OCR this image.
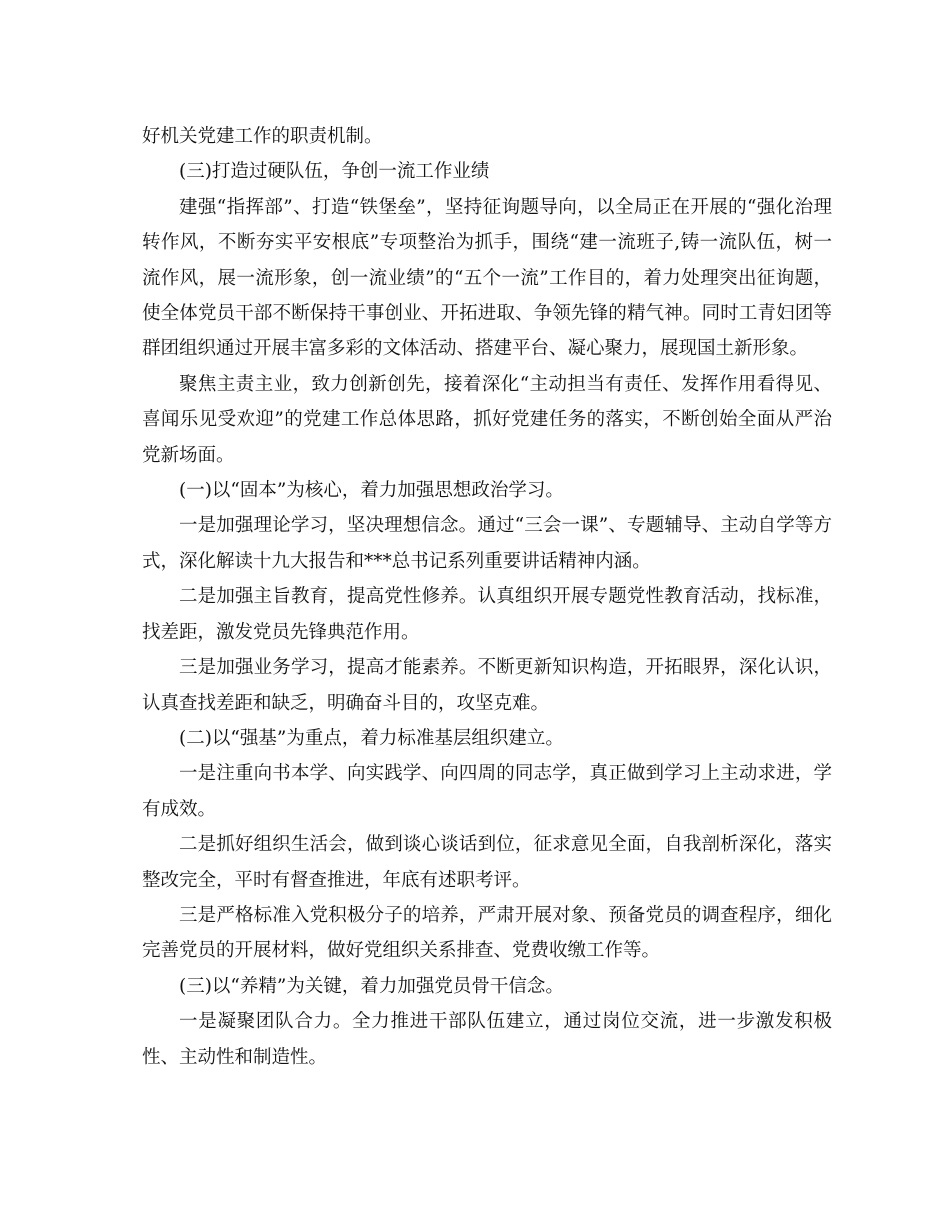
好机关党建工作的职责机制。

(三)打造过硬队伍，争创一流工作业绩

建强“指挥部”、打造“铁堡垒”，坚持征询题导向，以全局正在开展的“强化治理转作风，不断夯实平安根底”专项整治为抓手，围绕“建一流班子,铸一流队伍，树一流作风，展一流形象，创一流业绩”的“五个一流”工作目的，着力处理突出征询题，使全体党员干部不断保持干事创业、开拓进取、争领先锋的精气神。同时工青妇团等群团组织通过开展丰富多彩的文体活动、搭建平台、凝心聚力，展现国土新形象。

聚焦主责主业，致力创新创先，接着深化“主动担当有责任、发挥作用看得见、喜闻乐见受欢迎”的党建工作总体思路，抓好党建任务的落实，不断创始全面从严治党新场面。

(一)以“固本”为核心，着力加强思想政治学习。

一是加强理论学习，坚决理想信念。通过“三会一课”、专题辅导、主动自学等方式，深化解读十九大报告和***总书记系列重要讲话精神内涵。

二是加强主旨教育，提高党性修养。认真组织开展专题党性教育活动，找标准，找差距，激发党员先锋典范作用。

三是加强业务学习，提高才能素养。不断更新知识构造，开拓眼界，深化认识，认真查找差距和缺乏，明确奋斗目的，攻坚克难。

(二)以“强基”为重点，着力标准基层组织建立。

一是注重向书本学、向实践学、向四周的同志学，真正做到学习上主动求进，学有成效。

二是抓好组织生活会，做到谈心谈话到位，征求意见全面，自我剖析深化，落实整改完全，平时有督查推进，年底有述职考评。

三是严格标准入党积极分子的培养，严肃开展对象、预备党员的调查程序，细化完善党员的开展材料，做好党组织关系排查、党费收缴工作等。

(三)以“养精”为关键，着力加强党员骨干信念。

一是凝聚团队合力。全力推进干部队伍建立，通过岗位交流，进一步激发积极性、主动性和制造性。
